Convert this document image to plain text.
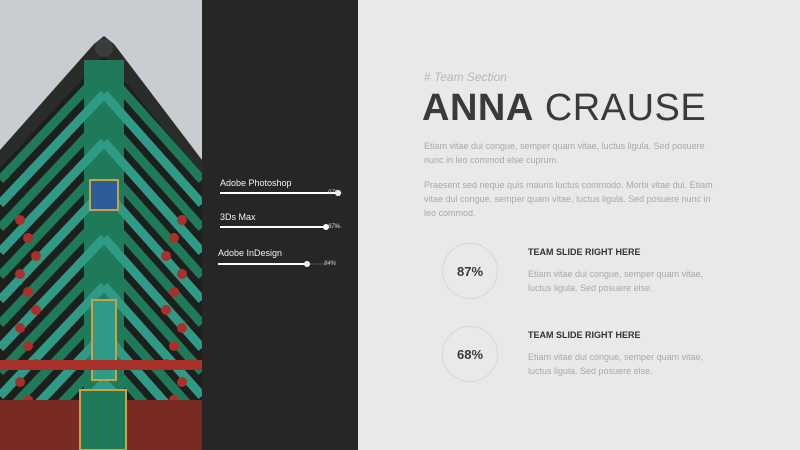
Adobe Photoshop
97%
3Ds Max
87%
Adobe InDesign
84%
# Team Section
ANNA CRAUSE
Etiam vitae dui congue, semper quam vitae, luctus ligula. Sed posuere nunc in leo commod else cuprum.
Praesent sed neque quis mauris luctus commodo. Morbi vitae dui. Etiam vitae dui congue, semper quam vitae, luctus ligula. Sed posuere nunc in leo commod.
87%
TEAM SLIDE RIGHT HERE
Etiam vitae dui congue, semper quam vitae, luctus ligula. Sed posuere else.
68%
TEAM SLIDE RIGHT HERE
Etiam vitae dui congue, semper quam vitae, luctus ligula. Sed posuere else.
